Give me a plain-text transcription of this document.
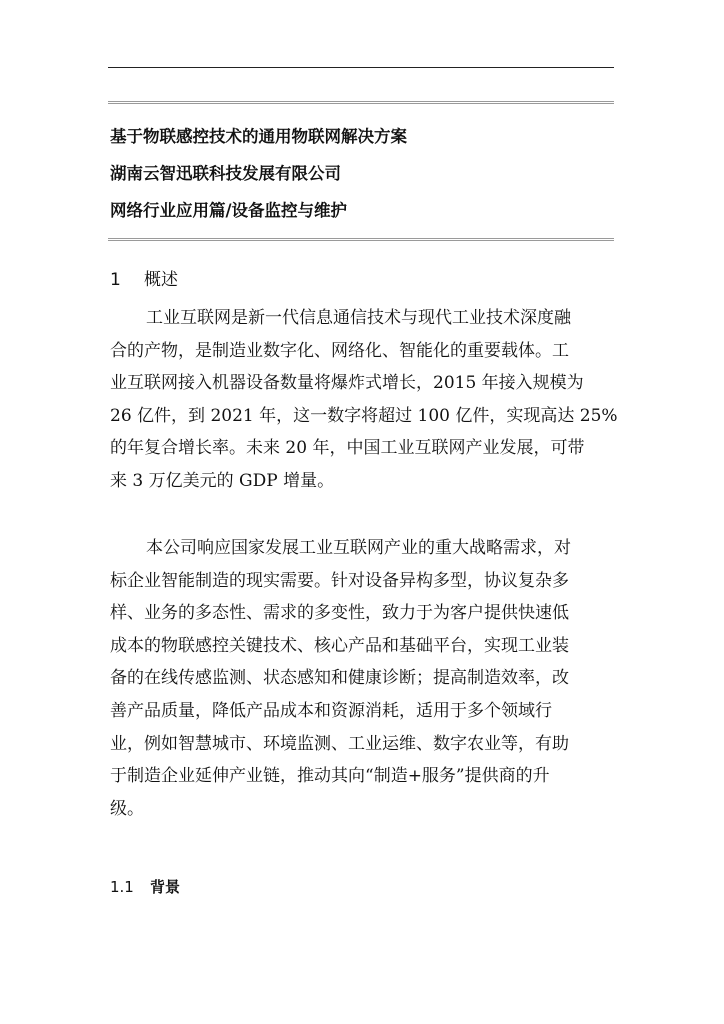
基于物联感控技术的通用物联网解决方案
湖南云智迅联科技发展有限公司
网络行业应用篇/设备监控与维护
1 概述
工业互联网是新一代信息通信技术与现代工业技术深度融
合的产物，是制造业数字化、网络化、智能化的重要载体。工
业互联网接入机器设备数量将爆炸式增长，2015 年接入规模为
26 亿件，到 2021 年，这一数字将超过 100 亿件，实现高达 25%
的年复合增长率。未来 20 年，中国工业互联网产业发展，可带
来 3 万亿美元的 GDP 增量。
本公司响应国家发展工业互联网产业的重大战略需求，对
标企业智能制造的现实需要。针对设备异构多型，协议复杂多
样、业务的多态性、需求的多变性，致力于为客户提供快速低
成本的物联感控关键技术、核心产品和基础平台，实现工业装
备的在线传感监测、状态感知和健康诊断；提高制造效率，改
善产品质量，降低产品成本和资源消耗，适用于多个领域行
业，例如智慧城市、环境监测、工业运维、数字农业等，有助
于制造企业延伸产业链，推动其向“制造+服务”提供商的升
级。
1.1 背景
